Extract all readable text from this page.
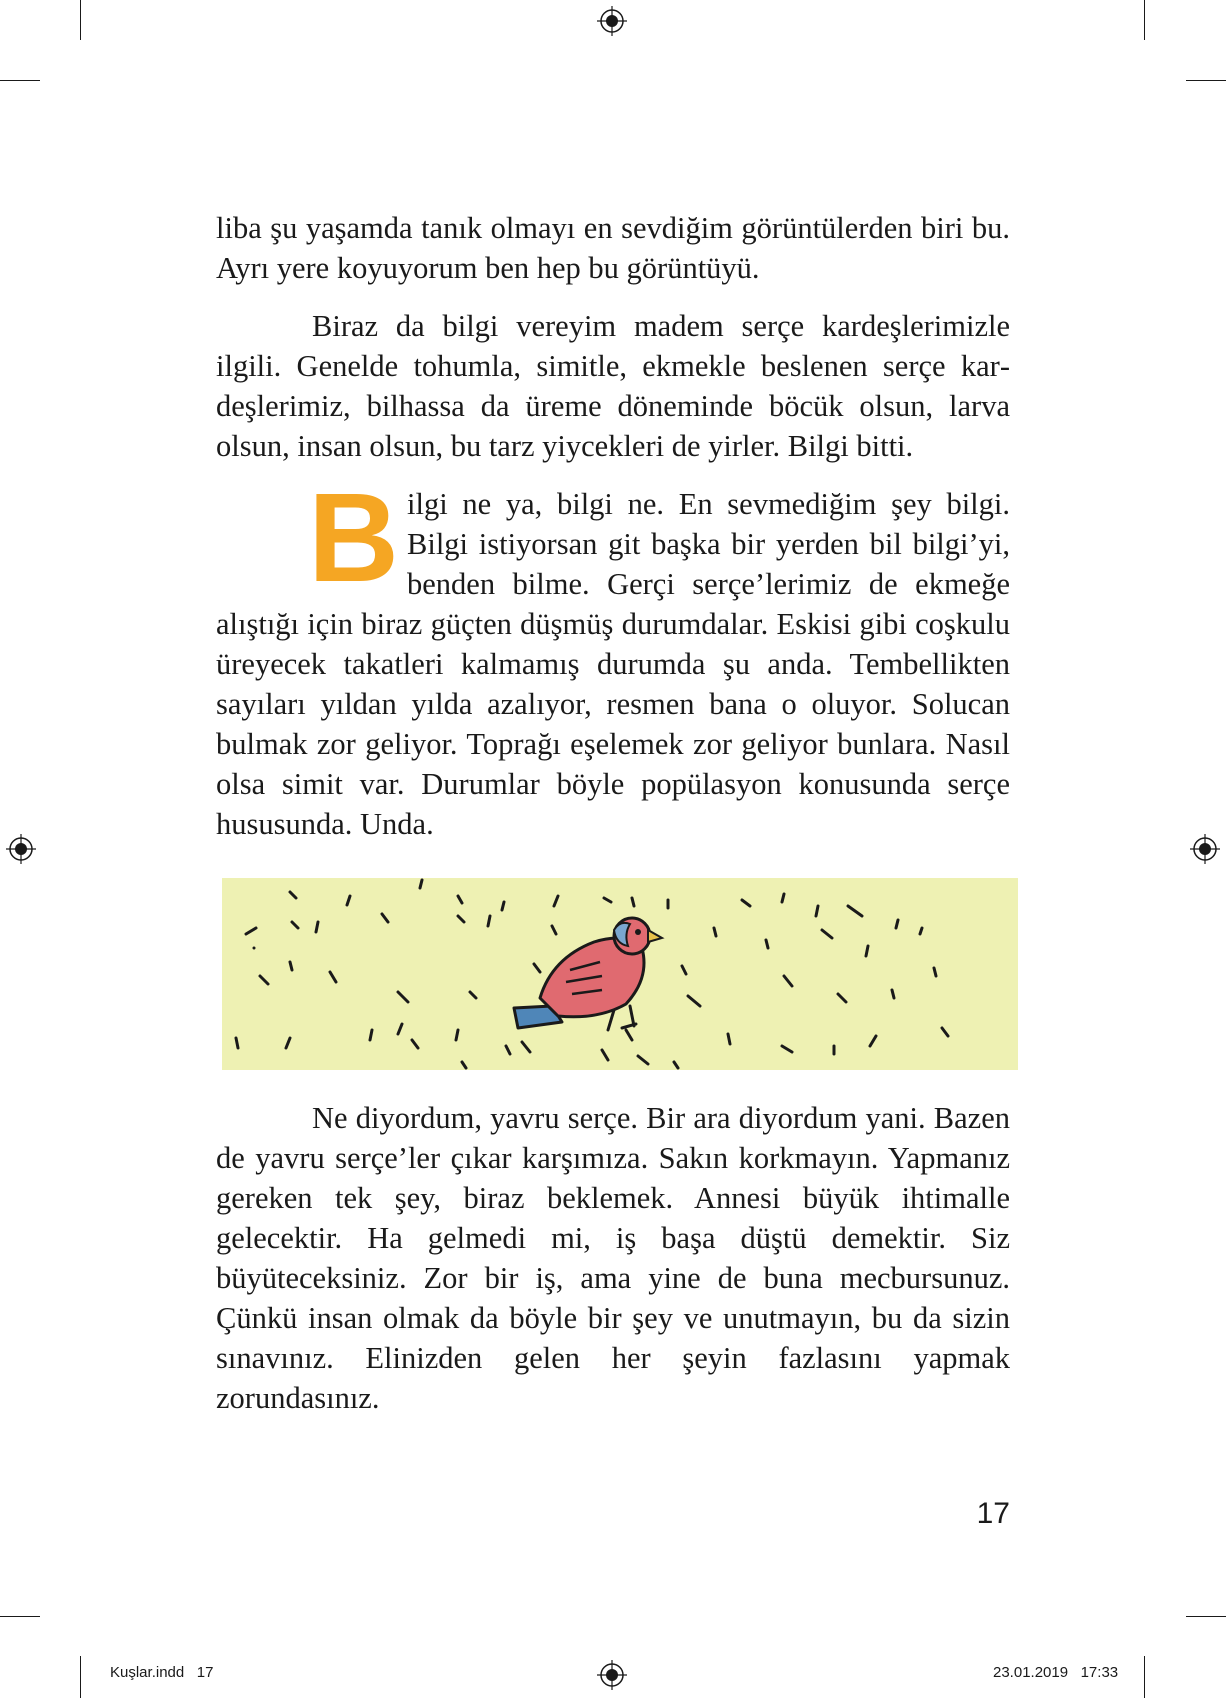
liba şu yaşamda tanık olmayı en sevdiğim görüntülerden biri bu. Ayrı yere koyuyorum ben hep bu görüntüyü.

Biraz da bilgi vereyim madem serçe kardeşlerimizle ilgili. Genelde tohumla, simitle, ekmekle beslenen serçe kardeşlerimiz, bilhassa da üreme döneminde böcük olsun, larva olsun, insan olsun, bu tarz yiycekleri de yirler. Bilgi bitti.

Bilgi ne ya, bilgi ne. En sevmediğim şey bilgi. Bilgi istiyorsan git başka bir yerden bil bilgi’yi, benden bilme. Gerçi serçe’lerimiz de ekmeğe alıştığı için biraz güçten düşmüş durumdalar. Eskisi gibi coşkulu üreyecek takatleri kalmamış durumda şu anda. Tembellikten sayıları yıldan yılda azalıyor, resmen bana o oluyor. Solucan bulmak zor geliyor. Toprağı eşelemek zor geliyor bunlara. Nasıl olsa simit var. Durumlar böyle popülasyon konusunda serçe hususunda. Unda.

Ne diyordum, yavru serçe. Bir ara diyordum yani. Bazen de yavru serçe’ler çıkar karşımıza. Sakın korkmayın. Yapmanız gereken tek şey, biraz beklemek. Annesi büyük ihtimalle gelecektir. Ha gelmedi mi, iş başa düştü demektir. Siz büyüteceksiniz. Zor bir iş, ama yine de buna mecbursunuz. Çünkü insan olmak da böyle bir şey ve unutmayın, bu da sizin sınavınız. Elinizden gelen her şeyin fazlasını yapmak zorundasınız.

17
Kuşlar.indd 17	23.01.2019 17:33
